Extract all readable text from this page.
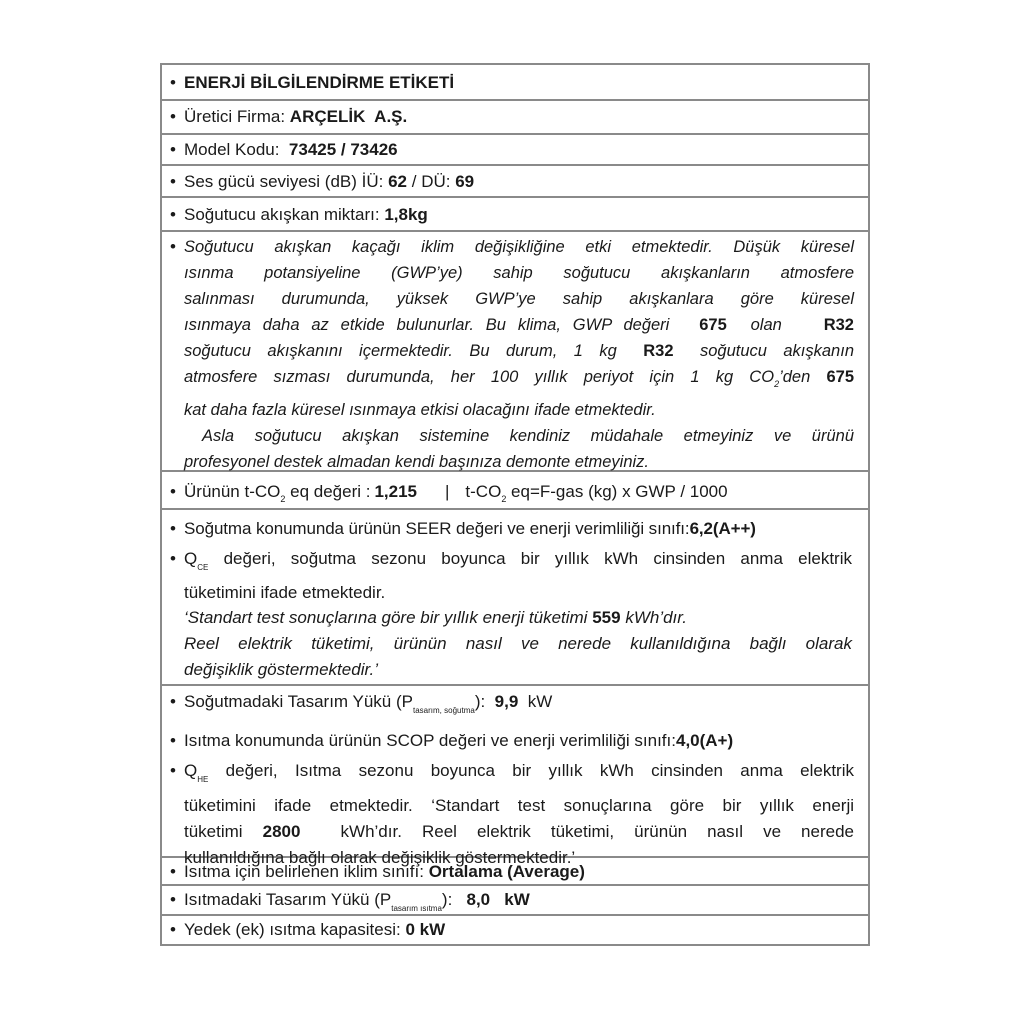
• ENERJİ BİLGİLENDİRME ETİKETİ
• Üretici Firma: ARÇELİK  A.Ş.
• Model Kodu: 73425 / 73426
• Ses gücü seviyesi (dB) İÜ: 62 / DÜ: 69
• Soğutucu akışkan miktarı: 1,8kg
• Soğutucu akışkan kaçağı iklim değişikliğine etki etmektedir. Düşük küresel
ısınma potansiyeline (GWP’ye) sahip soğutucu akışkanların atmosfere
salınması durumunda, yüksek GWP’ye sahip akışkanlara göre küresel
ısınmaya daha az etkide bulunurlar. Bu klima, GWP değeri 675 olan	R32
soğutucu akışkanını içermektedir. Bu durum, 1 kg R32 soğutucu akışkanın
atmosfere sızması durumunda, her 100 yıllık periyot için 1 kg $CO_2’den$ 675
kat daha fazla küresel ısınmaya etkisi olacağını ifade etmektedir.
Asla soğutucu akışkan sistemine kendiniz müdahale etmeyiniz ve ürünü
profesyonel destek almadan kendi başınıza demonte etmeyiniz.
• Ürünün $t-CO_2$ eq değeri : 1,215 | $t-CO_2$ eq=F-gas (kg) x GWP / 1000
• Soğutma konumunda ürünün SEER değeri ve enerji verimliliği sınıfı:6,2(A++)
• $Q_{CE}$ değeri, soğutma sezonu boyunca bir yıllık kWh cinsinden anma elektrik
tüketimini ifade etmektedir.
‘Standart test sonuçlarına göre bir yıllık enerji tüketimi 559 kWh’dır.
Reel elektrik tüketimi, ürünün nasıl ve nerede kullanıldığına bağlı olarak
değişiklik göstermektedir.’
• Soğutmadaki Tasarım Yükü $(P_{tasarım, soğutma})$: 9,9 kW
• Isıtma konumunda ürünün SCOP değeri ve enerji verimliliği sınıfı:4,0(A+)
• $Q_{HE}$ değeri, Isıtma sezonu boyunca bir yıllık kWh cinsinden anma elektrik
tüketimini ifade etmektedir. ‘Standart test sonuçlarına göre bir yıllık enerji
tüketimi 2800 kWh’dır. Reel elektrik tüketimi, ürünün nasıl ve nerede
kullanıldığına bağlı olarak değişiklik göstermektedir.’
• Isıtma için belirlenen iklim sınıfı: Ortalama (Average)
• Isıtmadaki Tasarım Yükü $(P_{tasarım ısıtma})$: 8,0 kW
• Yedek (ek) ısıtma kapasitesi: 0 kW
